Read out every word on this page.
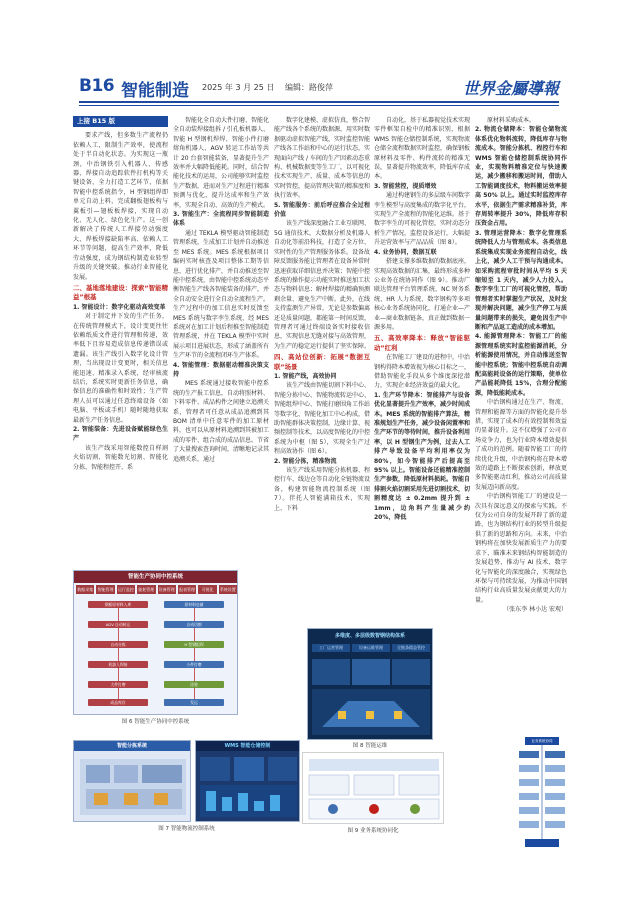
B16 智能制造 2025 年 3 月 25 日 编辑：路俊萍	世界金屬導報
上接 B15 版

要求产线，但多数生产流程仍依赖人工，限制生产效率，使流程处于半自动化状态。为实现这一瓶颈，中治钢铁引入机器人、传感器、焊接自动追踪软件打机构等关键设备，全力打造工艺环节，依据智能中控系统指令，H 型钢组焊即单元自动上料，完成翻板翅板构与翼板引—翅板板焊接，实现自动化、无人化、绿色化生产。这一创新解决了传统人工焊接劳动强度大、焊板焊接缺陷率高、依赖人工环节等问题，提高生产效率，降低劳动强度，成为钢结构制造业转型升级的关键突破。推动行业智能化发展。

二、基地落地建设：探索“智能精益”根基
1. 智能设计：数字化驱动高效变革

对于制定并下发的生产任务，在传统管理模式下，设计变更往往依赖纸质文件进行管理和传递，效率低下且容易造成信息传递错误或遗漏。该生产线引入数字化设计管理，当出现设计变更时，相关信息能迅速、精准录入系统，经审核流结后，系统实时更新任务信息，确保信息的准确性和时效性；生产管理人员可以通过任意终端设备（如电脑、平板或手机）随时随地获取最新生产任务信息。

2. 智能装备：先进设备赋能绿色生产

该生产线采用智能数控自样割火焰切割、智能数光切割、智能化分拣、智能程控开、系

智能化全自动大件打磨、智能化全自动装焊接组拆 / 引孔板机器人、智能 H 型钢机焊焊、智能小件打磨熔角机器人、AGV 转运工作站等共计 20 台套智能装备，显著提升生产效率并大幅降低能耗。同时，结合智能化技术的运用，公司能够实时监控生产数据，进而对生产过程进行精准预测与优化，提升达成率和生产效率，实现全自动、高效的生产模式。

3. 智能生产：全流程同步智能制造体系

通过 TEKLA 模型驱动智能制造管理系统，生成加工计划并自动推送至 MES 系统。MES 系统根据项目编码实时核查及项目整体工期等信息，进行优化排产，并自动推送至智能中控系统，由智能中控系统动态平衡智能生产线各智能装备的排产，并全自动安全进行全自动全流程生产。生产过程中的加工信息实时反馈至 MES 系统与数字孪生系统，经 MES 系统对在加工计划后程推至智能制造管理系统，并在 TEKLA 模型中实时展示项目进展状态，形成了涵盖所有生产环节的全流程闭环生产体系。

4. 智能管理：数据驱动精准决策支持

MES 系统通过接收智能中控系统的生产报工信息，自动将照材料、下料零件、成品构件之间建立追溯关系，管理者可任意从成品追溯到其 BOM 清单中任意零件的加工原材料，也可以从原材料追溯到其被加工成的零件、组合成的成品信息。节省了大量搜索查询时间，清晰地记录其追溯关系，通过

数字化建模、虚拟仿真，整合智能产线各个系统的数据源，用实时数据驱动虚拟智能产线，实时监控智能产线各工作站和中心的运行状态，实现面向产线 / 车间的生产因素动态重构、机械数据变等生工厂，以可视化技术实现生产、质量、成本等信息的实时管控，提高管理决策的精准度和执行效率。

5. 智能服务：前后呼应推合全过程价值

该生产线深度融合工业互联网、5G 通信技术，大数据分析及机器人自动化等前沿科技，打造了全方位、实时性的生产管理服务体系。设备故障反馈服务能让管理者在设备异常时迅速获取详细信息并决策；智能中控系统的操作提示功能实时推送加工状态与物料信息；解材焊接的精确预测剩余量、避免生产中断。此外，在线支持监测生产异常，无论是参数偏离还是质量问题，都能第一时间反馈，管理者可通过终端设备实时接收信息，实现信息无缝对接与高效管理，为生产的稳定运行提供了坚实保障。

四、高站位创新：拓展“数据互联”场景
1. 智能产线，高效协同

该生产线由智能切割下料中心、智能分拣中心、智能物流转运中心、智能组焊中心、智能打磨围角工作站等数字化、智能化加工中心构成，借助智能群体决策控制，边缘计算、视频控制等技术，以高度智能化的中控系统为中枢（图 5），实现全生产过程高效协作（图 6）。

2. 智能分拣，精准物流

该生产线采用智能分拣机器、程控行车、线边仓等自动化全链物流设备，构建智能物流控制系统（图 7）。伴托人智能满箱技术，实现上、下料

自动化，基于私器视觉技术实现零件框架自检中的精准识别，根据 WMS 智能仓储控制系统，实现物流仓储全流程数据实时监控，确保钢板原材料及零件、构件流转的精准无误，显著提升物流效率，降低库存成本。

3. 智能营控，提质增效

通过构建钢生的多层级车间数字孪生模型与高度集成的数字化平台，实现生产全流程的智能化运维。基于数字孪生的可视化管控，实时动态分析生产情况，监控设备运行，大幅提升运营效率与产品品质（图 8）。

4. 业务协同，数据互联

搭建支撑多维数据的数据底座，实现高效数据的汇集，最终形成多种公业务在统协同作（图 9）。推动广联达管理平台管理系统、NC 财务系统、HR 人力系统、数字钢构等多项核心业务系统协同化，打通企业—产业—商业数据链条，真正做到数据一源多用。

五、高效率降本：释放“智能驱动”红利

在智能工厂建设的进程中，中治钢构得降本增效视为核心目标之一，借助智能化手段从多个维度深挖潜力，实现企业经济效益的最大化。

1. 生产环节降本：智能排产与设备优化显著提升生产效率，减少时间成本。MES 系统的智能排产算法，精准规划生产任务，减少设备闲置率和生产环节的等待时间，推升设备利用率，以 H 型钢生产为例，过去人工排产导致设备平均利用率仅为 80%，如今智能排产后提高至 95% 以上。智能设备还能精准控制生产参数，降低原材料损耗。智能自排割火焰切割采用先进切割技术，切割精度达 ± 0.2mm 提升到 ± 1mm，边角料产生量减少约 20%，降低

原材料采购成本。

2. 物流仓储降本：智能仓储物流体系优化物料流转，降低库存与物流成本。智能分拣机、程控行车和 WMS 智能仓储控制系统协同作业，实现物料精准定位与快速搬运，减少搬移和搬运时间，借助人工智能调度技术，物料搬运效率提高 50% 以上。通过实时监控库存水平，依据生产需求精准补货，库存周转率提升 30%，降低库存积压资金占用。
3. 管理运营降本：数字化管理系统降低人力与管理成本。各类信息系统集成实现业务流程自动化，线上化，减少人工干预与沟通成本。如采购流程审批时间从平均 5 天缩短至 1 天内，减少人力投入。数字孪生工厂的可视化管控，帮助管理者实时掌握生产状况，及时发现并解决问题，减少生产停工与质量问题带来的损失，避免因生产中断和产品返工造成的成本增加。
4. 能源管理降本：智能工厂的能源管理系统实时监控能源消耗，分析能源使用情况，并自动推送至智能中控系统；智能中控系统自动调配高能耗设备的运行策略，使单位产品能耗降低 15%，合理分配能源，降低能耗成本。

中治钢构通过在生产、物流、管理和能源等方面的智能化提升举措，实现了成本的有效控制和效益的显著提升。这不仅增强了公司市场竞争力，也为行业降本增效提供了成功的范例。随着智能工厂的持续优化升级，中治钢构将在降本增效的道路上不断探索创新，释放更多智能驱动红利，推动公司高质量发展迈向新高度。

中治钢构智能工厂的建设是一次具有深远意义的探索与实践。不仅为公司自身的发展开辟了新的道路，也为钢结构行业的转型升级提供了新的思路和方向。未来，中治钢构将在加快发展新质生产力的要求下，瞄准未来钢结构智能制造的发展趋势，推动与 AI 技术、数字化与智能化的深度融合，实现绿色环保与可持续发展，为推动中国钢结构行业高质量发展贡献更大的力量。

（张东李 林小达 宏观）

智能生产协同中控系统
数据采集 智能管理 运行监控 能耗管理 设备管理 报表管理	可视化	系统设置
钢板原材料入库	原材料仓储
AGV 自动转运	自动切割
自动分拣	H 型钢组焊
机器人焊接	小件打磨
大件打磨	涂装
成品库存	发运
图 6 智能生产协同中控系统
智能分拣系统	WMS 智能仓储控制
图 7 智能物流控制系统
多维度、多层级数智钢结构体系
工厂运营管理	设备运维管理	全链条精益管控
图 8 智能运维
图 9 业务系统协同化
业务系统协同
